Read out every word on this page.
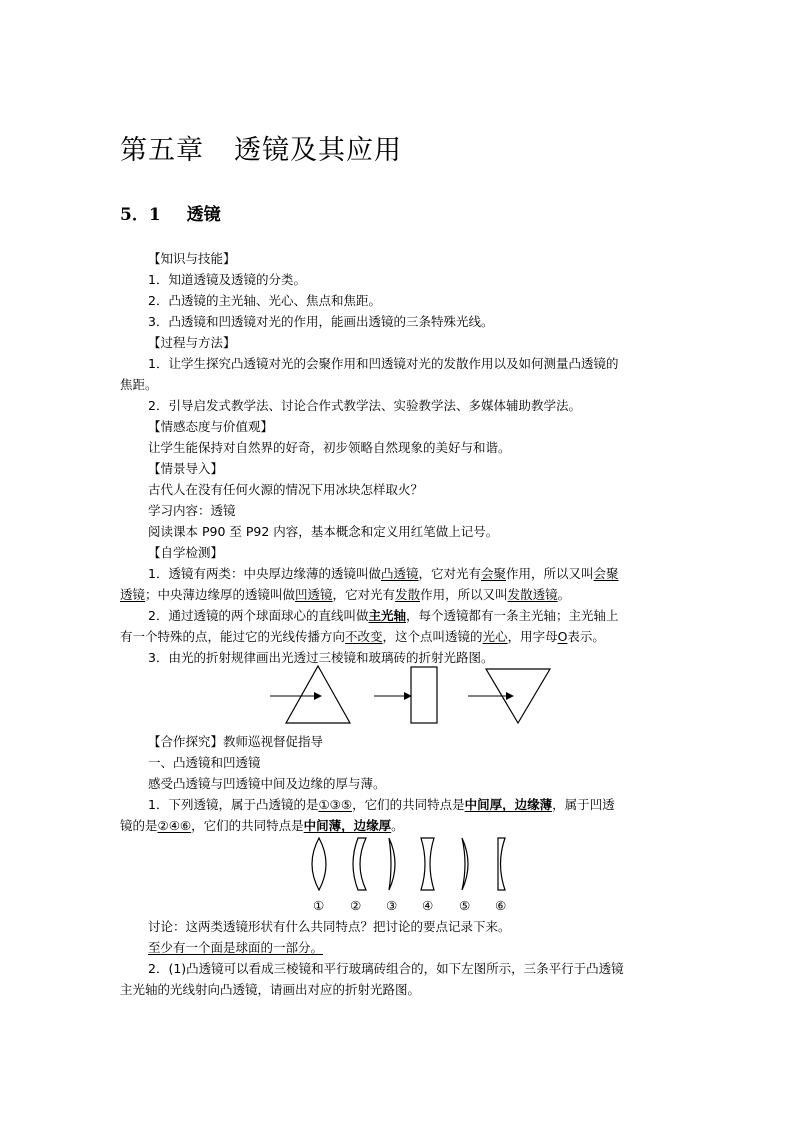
第五章 透镜及其应用
5．1 透镜
【知识与技能】
1．知道透镜及透镜的分类。
2．凸透镜的主光轴、光心、焦点和焦距。
3．凸透镜和凹透镜对光的作用，能画出透镜的三条特殊光线。
【过程与方法】
1．让学生探究凸透镜对光的会聚作用和凹透镜对光的发散作用以及如何测量凸透镜的
焦距。
2．引导启发式教学法、讨论合作式教学法、实验教学法、多媒体辅助教学法。
【情感态度与价值观】
让学生能保持对自然界的好奇，初步领略自然现象的美好与和谐。
【情景导入】
古代人在没有任何火源的情况下用冰块怎样取火？
学习内容：透镜
阅读课本 P90 至 P92 内容，基本概念和定义用红笔做上记号。
【自学检测】
1．透镜有两类：中央厚边缘薄的透镜叫做凸透镜，它对光有会聚作用，所以又叫会聚
透镜；中央薄边缘厚的透镜叫做凹透镜，它对光有发散作用，所以又叫发散透镜。
2．通过透镜的两个球面球心的直线叫做主光轴，每个透镜都有一条主光轴；主光轴上
有一个特殊的点，能过它的光线传播方向不改变，这个点叫透镜的光心，用字母O表示。
3．由光的折射规律画出光透过三棱镜和玻璃砖的折射光路图。
【合作探究】教师巡视督促指导
一、凸透镜和凹透镜
感受凸透镜与凹透镜中间及边缘的厚与薄。
1．下列透镜，属于凸透镜的是①③⑤，它们的共同特点是中间厚，边缘薄，属于凹透
镜的是②④⑥，它们的共同特点是中间薄，边缘厚。
① ② ③ ④ ⑤ ⑥
讨论：这两类透镜形状有什么共同特点？把讨论的要点记录下来。
至少有一个面是球面的一部分。
2．(1)凸透镜可以看成三棱镜和平行玻璃砖组合的，如下左图所示，三条平行于凸透镜
主光轴的光线射向凸透镜，请画出对应的折射光路图。
